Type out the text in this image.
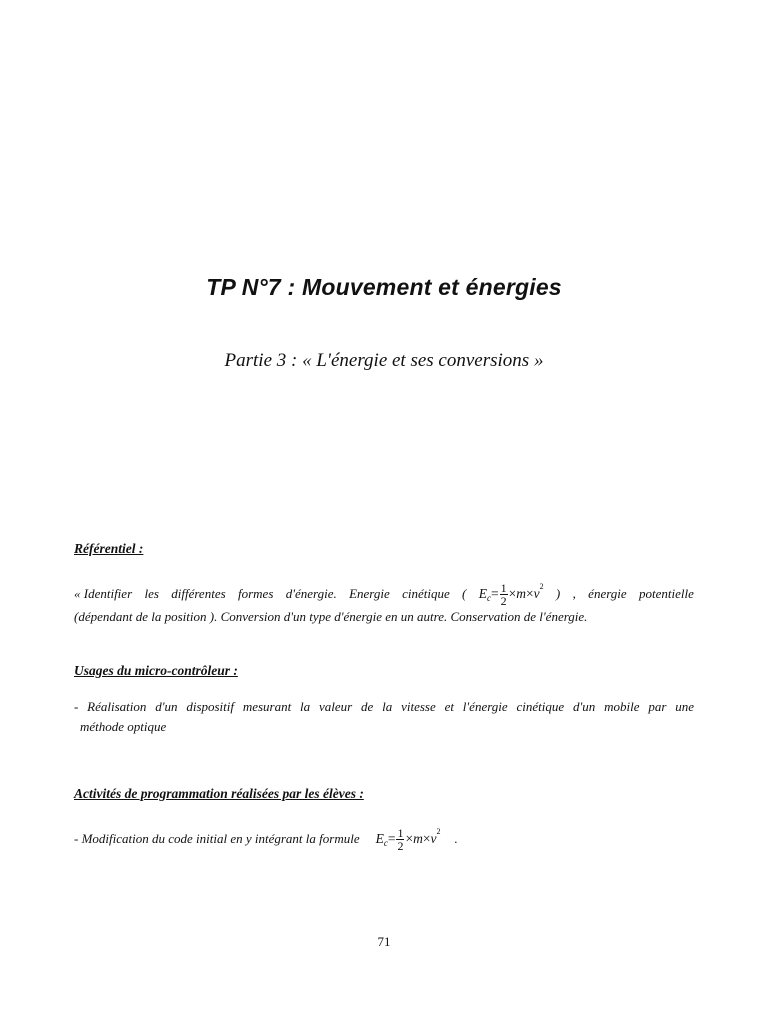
TP N°7 : Mouvement et énergies
Partie 3 : « L'énergie et ses conversions »
Référentiel :
« Identifier les différentes formes d'énergie. Energie cinétique ( E $c = \frac{1}{2} \times m \times v$ 2 ) , énergie potentielle
(dépendant de la position ). Conversion d'un type d'énergie en un autre. Conservation de l'énergie.
Usages du micro-contrôleur :
- Réalisation d'un dispositif mesurant la valeur de la vitesse et l'énergie cinétique d'un mobile par une
méthode optique
Activités de programmation réalisées par les élèves :
- Modification du code initial en y intégrant la formule E $c = \frac{1}{2} \times m \times v$ 2 .
71
